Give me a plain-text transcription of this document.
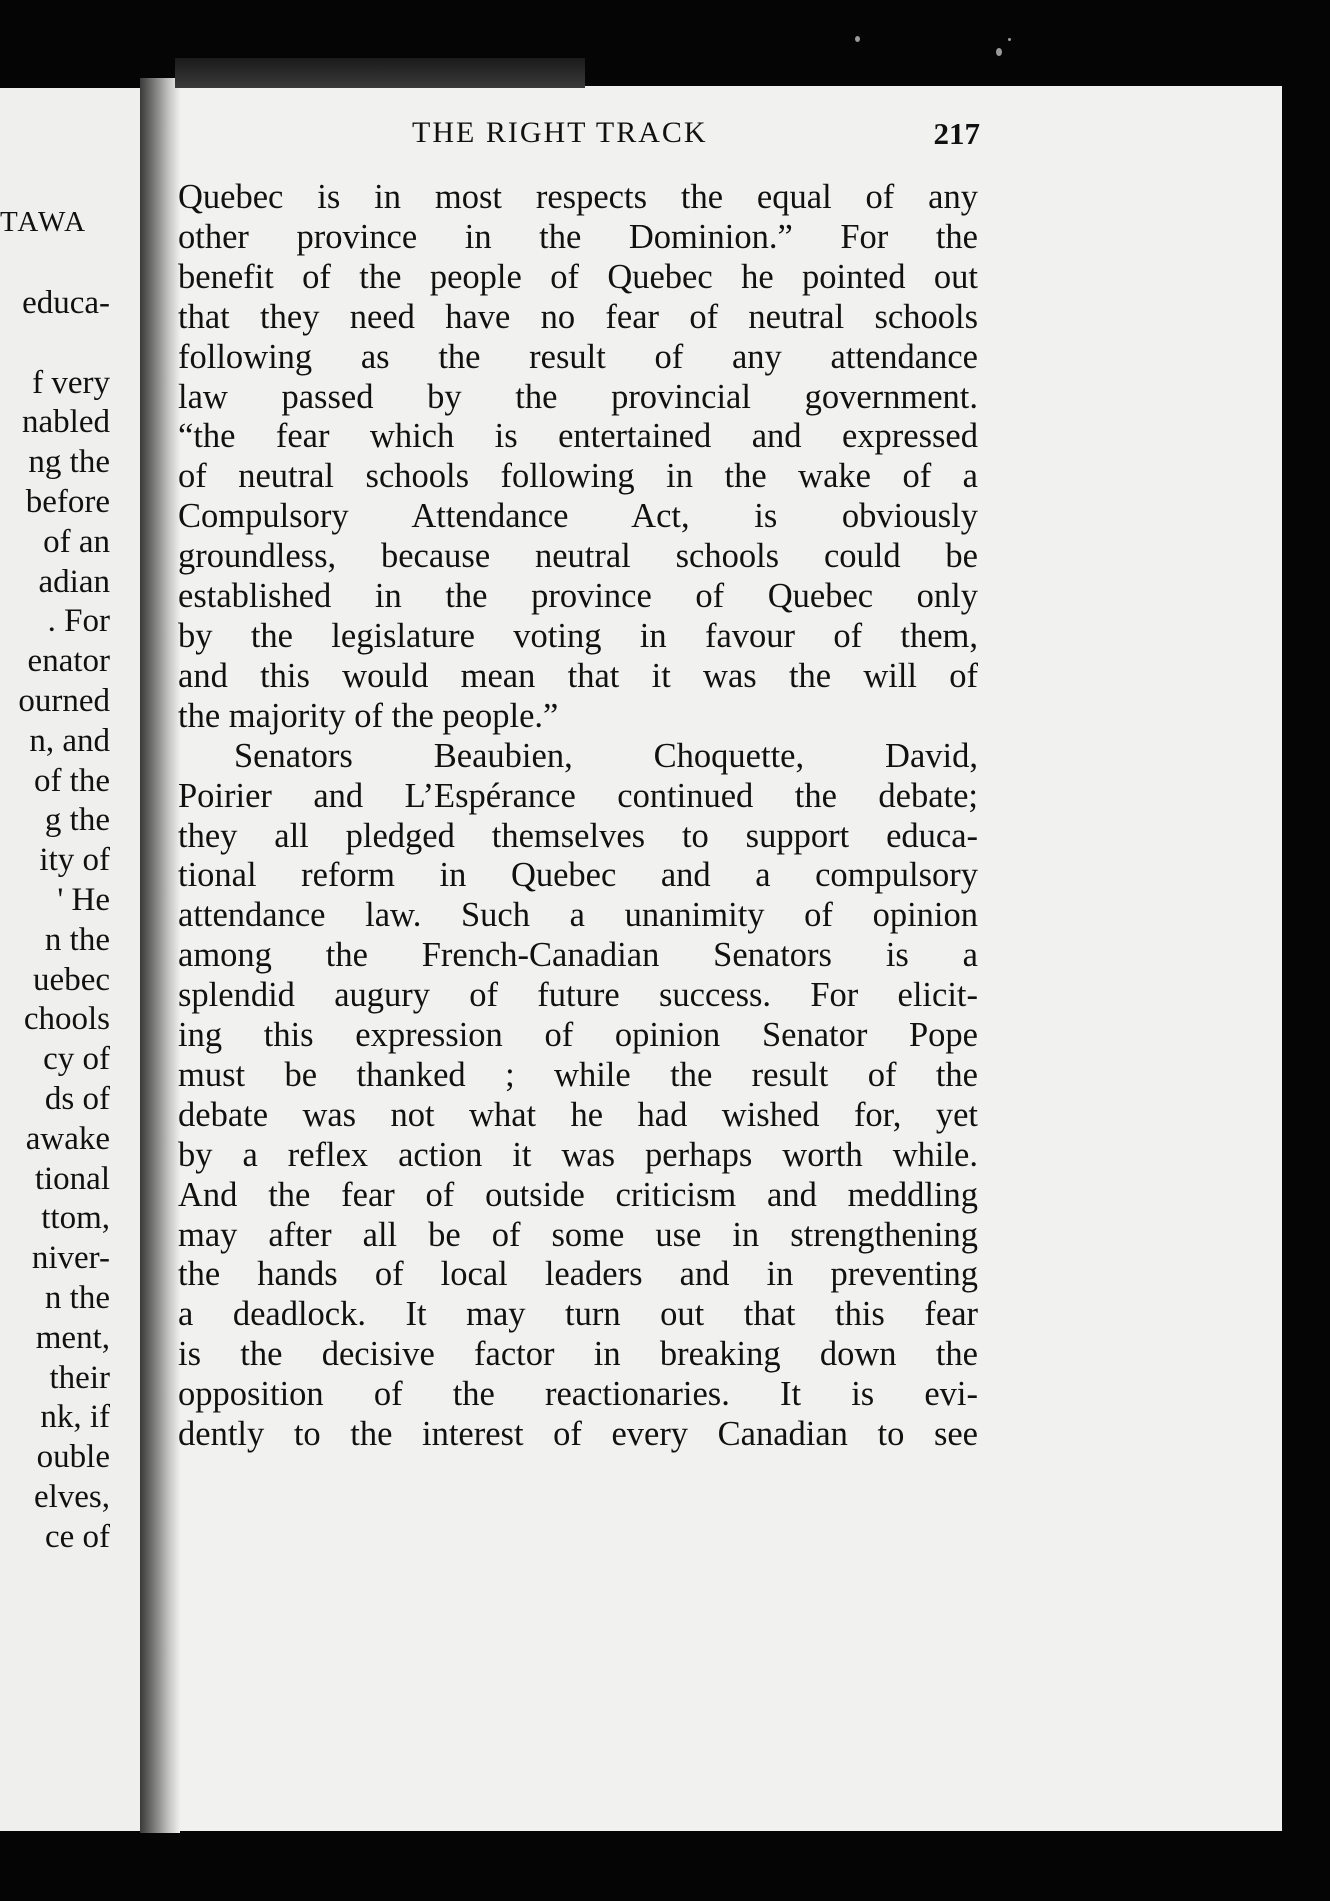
TAWA
educa-

f very
nabled
ng the
before
of an
adian
. For
enator
ourned
n, and
of the
g the
ity of
' He
n the
uebec
chools
cy of
ds of
awake
tional
ttom,
niver-
n the
ment,
their
nk, if
ouble
elves,
ce of
THE RIGHT TRACK	217
Quebec is in most respects the equal of any
other province in the Dominion.” For the
benefit of the people of Quebec he pointed out
that they need have no fear of neutral schools
following as the result of any attendance
law passed by the provincial government.
“the fear which is entertained and expressed
of neutral schools following in the wake of a
Compulsory Attendance Act, is obviously
groundless, because neutral schools could be
established in the province of Quebec only
by the legislature voting in favour of them,
and this would mean that it was the will of
the majority of the people.”
Senators Beaubien, Choquette, David,
Poirier and L’Espérance continued the debate;
they all pledged themselves to support educa-
tional reform in Quebec and a compulsory
attendance law. Such a unanimity of opinion
among the French-Canadian Senators is a
splendid augury of future success. For elicit-
ing this expression of opinion Senator Pope
must be thanked ; while the result of the
debate was not what he had wished for, yet
by a reflex action it was perhaps worth while.
And the fear of outside criticism and meddling
may after all be of some use in strengthening
the hands of local leaders and in preventing
a deadlock. It may turn out that this fear
is the decisive factor in breaking down the
opposition of the reactionaries. It is evi-
dently to the interest of every Canadian to see
